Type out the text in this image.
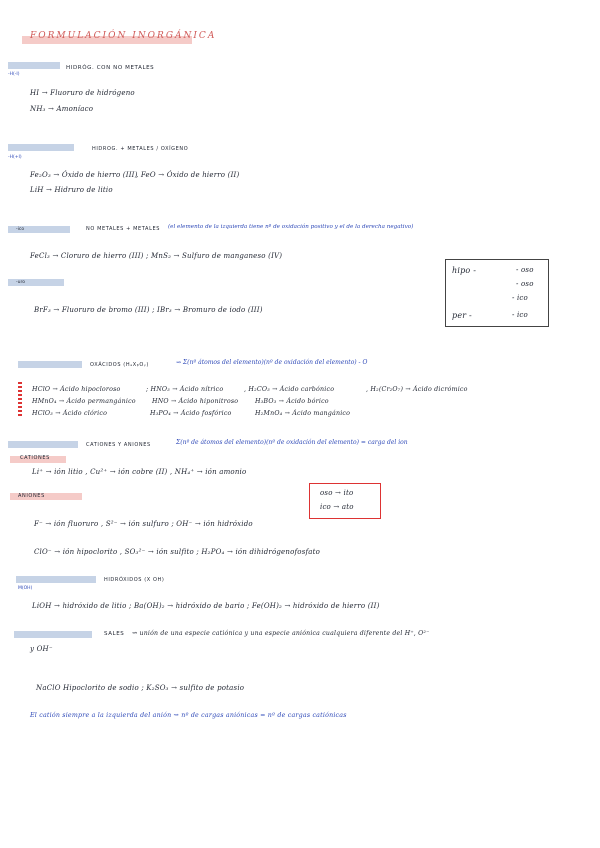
FORMULACIÓN INORGÁNICA
-H(-I)
HIDRÓG. CON NO METALES
HI → Fluoruro de hidrógeno
NH₃ → Amoníaco
-H(+I)
HIDROG. + METALES / OXÍGENO
Fe₂O₃ → Óxido de hierro (III)
, FeO → Óxido de hierro (II)
LiH → Hidruro de litio
-ico	NO METALES + METALES (el elemento de la izquierda tiene nº de oxidación positivo y el de la derecha negativo)
FeCl₃ → Cloruro de hierro (III) ; MnS₂ → Sulfuro de manganeso (IV)
-uro
BrF₃ → Fluoruro de bromo (III) ; IBr₃ → Bromuro de iodo (III)
hipo -
per -
- oso
- oso
- ico
- ico
OXÁCIDOS (HₐXᵦOᵧ)	⇝ Σ(nº átomos del elemento)(nº de oxidación del elemento) - O
HClO → Ácido hipocloroso	; HNO₃ → Ácido nítrico	, H₂CO₃ → Ácido carbónico	, H₂(Cr₂O₇) → Ácido dicrómico
HMnO₄ → Ácido permangánico	HNO → Ácido hiponitroso	H₃BO₃ → Ácido bórico
HClO₃ → Ácido clórico	H₃PO₄ → Ácido fosfórico	H₂MnO₄ → Ácido mangánico
CATIONES Y ANIONES	Σ(nº de átomos del elemento)(nº de oxidación del elemento) = carga del ion
CATIONES
Li⁺ → ión litio , Cu²⁺ → ión cobre (II) , NH₄⁺ → ión amonio
ANIONES
F⁻ → ión fluoruro , S²⁻ → ión sulfuro ; OH⁻ → ión hidróxido
ClO⁻ → ión hipoclorito , SO₃²⁻ → ión sulfito ; H₂PO₄ → ión dihidrógenofosfato
oso → ito
ico → ato
M(OH)
HIDRÓXIDOS (X OH)
LiOH → hidróxido de litio ; Ba(OH)₂ → hidróxido de bario ; Fe(OH)₂ → hidróxido de hierro (II)
SALES ⇝ unión de una especie catiónica y una especie aniónica cualquiera diferente del H⁺, O²⁻
y OH⁻
NaClO Hipoclorito de sodio ; K₂SO₃ → sulfito de potasio
El catión siempre a la izquierda del anión ⇝ nº de cargas aniónicas = nº de cargas catiónicas
